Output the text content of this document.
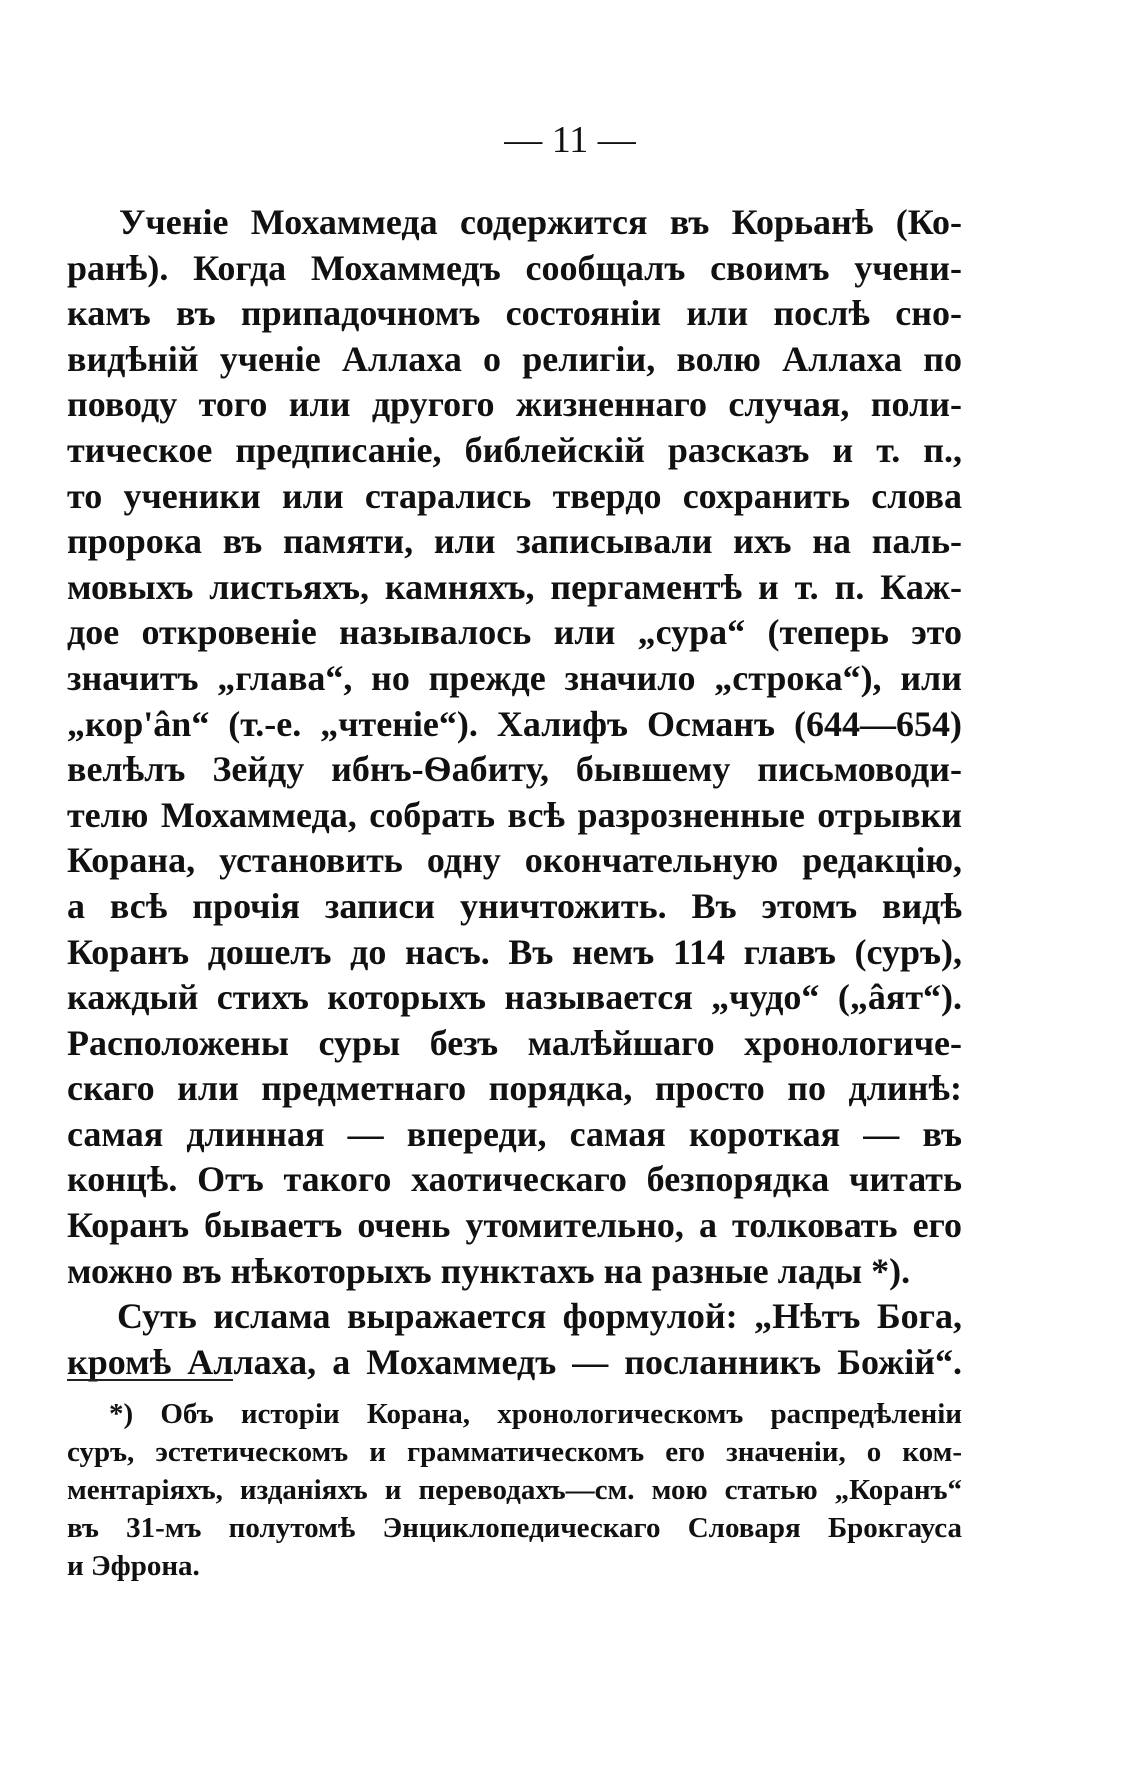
— 11 —
Ученіе Мохаммеда содержится въ Корьанѣ (Ко-
ранѣ). Когда Мохаммедъ сообщалъ своимъ учени-
камъ въ припадочномъ состояніи или послѣ сно-
видѣній ученіе Аллаха о религіи, волю Аллаха по
поводу того или другого жизненнаго случая, поли-
тическое предписаніе, библейскій разсказъ и т. п.,
то ученики или старались твердо сохранить слова
пророка въ памяти, или записывали ихъ на паль-
мовыхъ листьяхъ, камняхъ, пергаментѣ и т. п. Каж-
дое откровеніе называлось или „сура“ (теперь это
значитъ „глава“, но прежде значило „строка“), или
„кор'ân“ (т.-е. „чтеніе“). Халифъ Османъ (644—654)
велѣлъ Зейду ибнъ-Ѳабиту, бывшему письмоводи-
телю Мохаммеда, собрать всѣ разрозненные отрывки
Корана, установить одну окончательную редакцію,
а всѣ прочія записи уничтожить. Въ этомъ видѣ
Коранъ дошелъ до насъ. Въ немъ 114 главъ (суръ),
каждый стихъ которыхъ называется „чудо“ („âят“).
Расположены суры безъ малѣйшаго хронологиче-
скаго или предметнаго порядка, просто по длинѣ:
самая длинная — впереди, самая короткая — въ
концѣ. Отъ такого хаотическаго безпорядка читать
Коранъ бываетъ очень утомительно, а толковать его
можно въ нѣкоторыхъ пунктахъ на разные лады *).
Суть ислама выражается формулой: „Нѣтъ Бога,
кромѣ Аллаха, а Мохаммедъ — посланникъ Божій“.
*) Объ исторіи Корана, хронологическомъ распредѣленіи
суръ, эстетическомъ и грамматическомъ его значеніи, о ком-
ментаріяхъ, изданіяхъ и переводахъ—см. мою статью „Коранъ“
въ 31-мъ полутомѣ Энциклопедическаго Словаря Брокгауса
и Эфрона.
